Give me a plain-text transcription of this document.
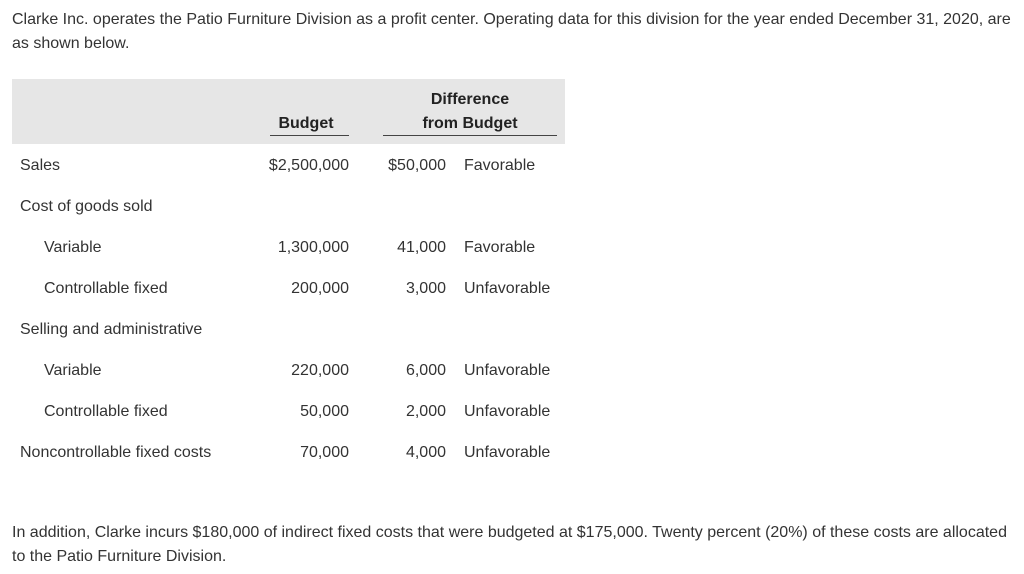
Clarke Inc. operates the Patio Furniture Division as a profit center. Operating data for this division for the year ended December 31, 2020, are as shown below.

Budget
Difference
from Budget
Sales	$2,500,000 $50,000 Favorable
Cost of goods sold
Variable	1,300,000	41,000 Favorable
Controllable fixed	200,000	3,000 Unfavorable
Selling and administrative
Variable	220,000	6,000 Unfavorable
Controllable fixed	50,000	2,000 Unfavorable
Noncontrollable fixed costs	70,000	4,000 Unfavorable

In addition, Clarke incurs $180,000 of indirect fixed costs that were budgeted at $175,000. Twenty percent (20%) of these costs are allocated to the Patio Furniture Division.
